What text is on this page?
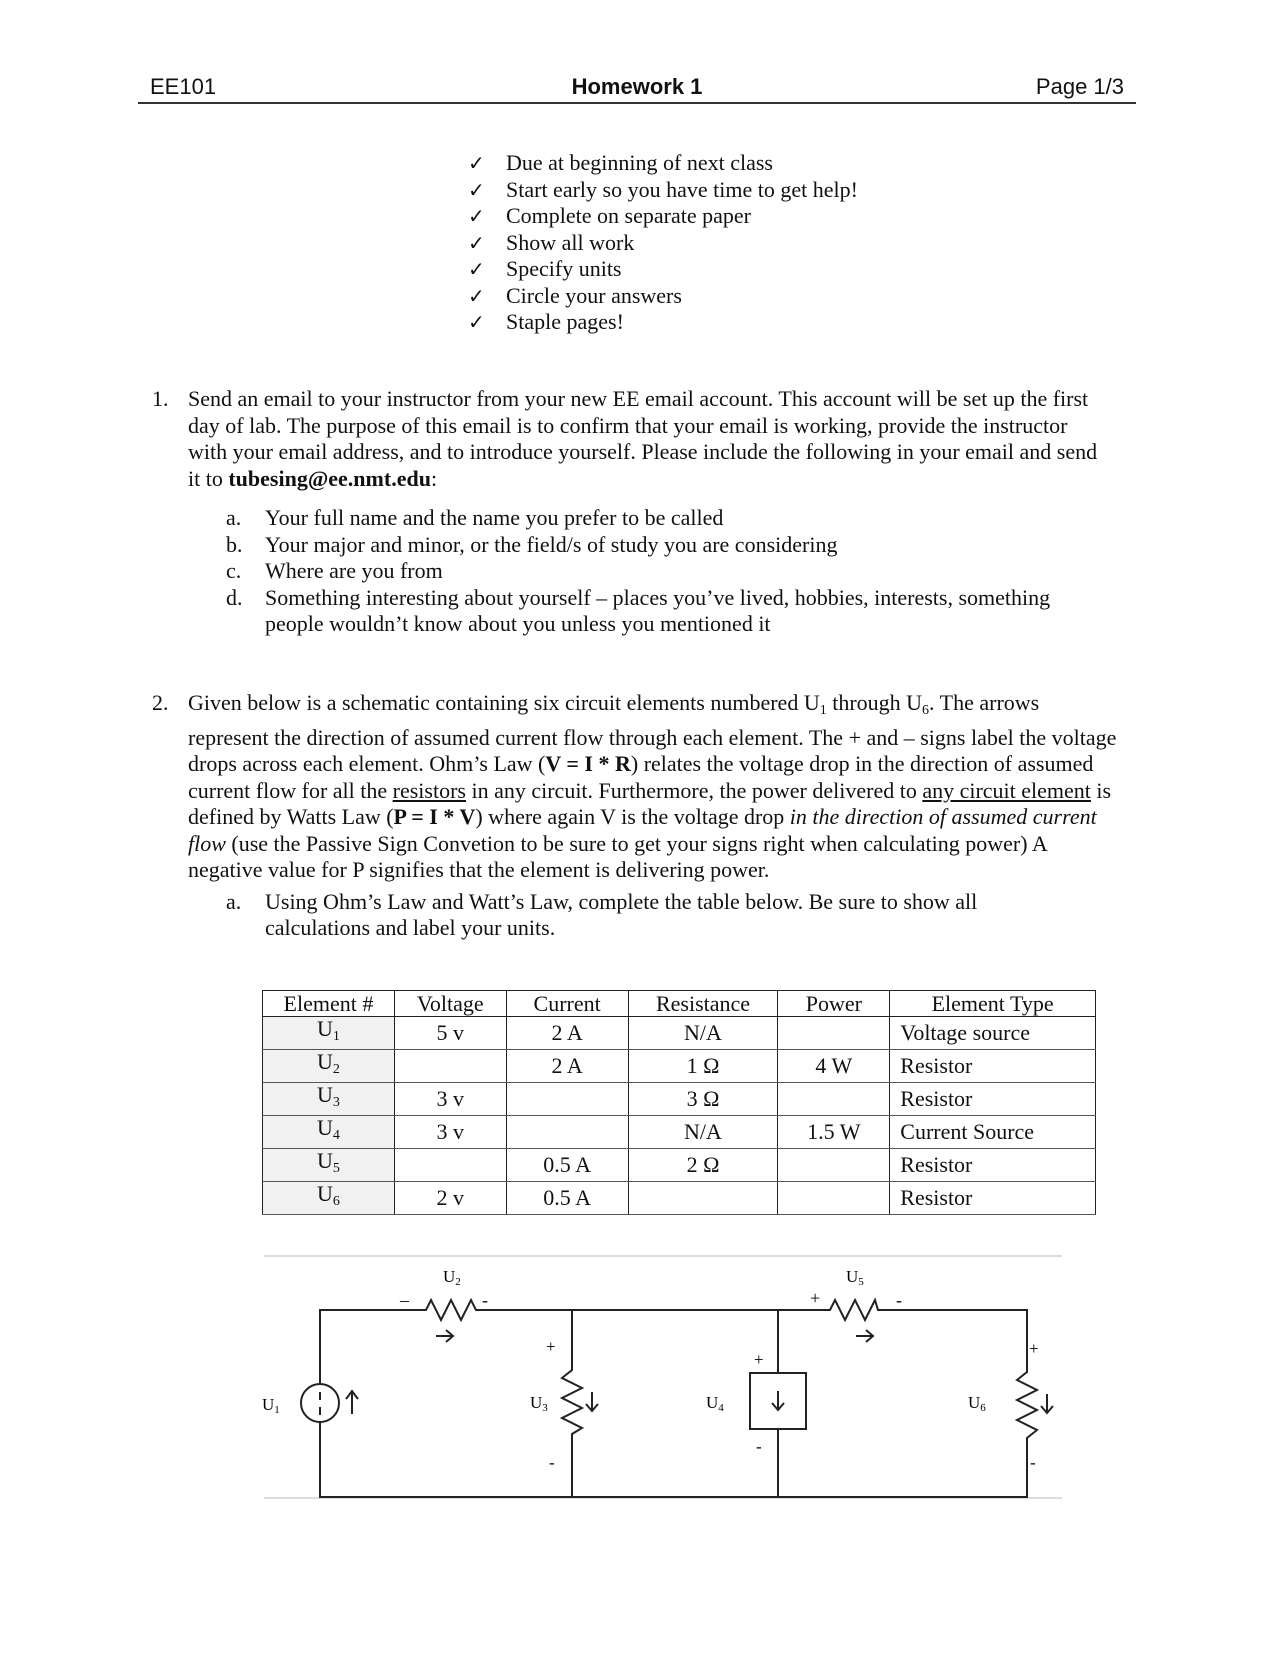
Homework 1
EE101	Page 1/3
✓ Due at beginning of next class
✓ Start early so you have time to get help!
✓ Complete on separate paper
✓ Show all work
✓ Specify units
✓ Circle your answers
✓ Staple pages!
1. Send an email to your instructor from your new EE email account. This account will be set up the first day of lab. The purpose of this email is to confirm that your email is working, provide the instructor with your email address, and to introduce yourself. Please include the following in your email and send it to tubesing@ee.nmt.edu:
a. Your full name and the name you prefer to be called
b. Your major and minor, or the field/s of study you are considering
c. Where are you from
d. Something interesting about yourself – places you’ve lived, hobbies, interests, something
people wouldn’t know about you unless you mentioned it
2. Given below is a schematic containing six circuit elements numbered $U_1$ through $U_6$. The arrows represent the direction of assumed current flow through each element. The + and – signs label the voltage drops across each element. Ohm’s Law (V = I * R) relates the voltage drop in the direction of assumed current flow for all the resistors in any circuit. Furthermore, the power delivered to any circuit element is defined by Watts Law (P = I * V) where again V is the voltage drop in the direction of assumed current flow (use the Passive Sign Convetion to be sure to get your signs right when calculating power) A negative value for P signifies that the element is delivering power.
a. Using Ohm’s Law and Watt’s Law, complete the table below. Be sure to show all
calculations and label your units.
Element #	Voltage	Current	Resistance	Power	Element Type
$U_1$	5 v	2 A	N/A		Voltage source
$U_2$		2 A	1 Ω	4 W	Resistor
$U_3$	3 v		3 Ω		Resistor
$U_4$	3 v		N/A	1.5 W	Current Source
$U_5$		0.5 A	2 Ω		Resistor
$U_6$	2 v	0.5 A			Resistor
U1
U2
–	-
+
-
U3
+
-
U4
U5
+	-
+
-
U6
